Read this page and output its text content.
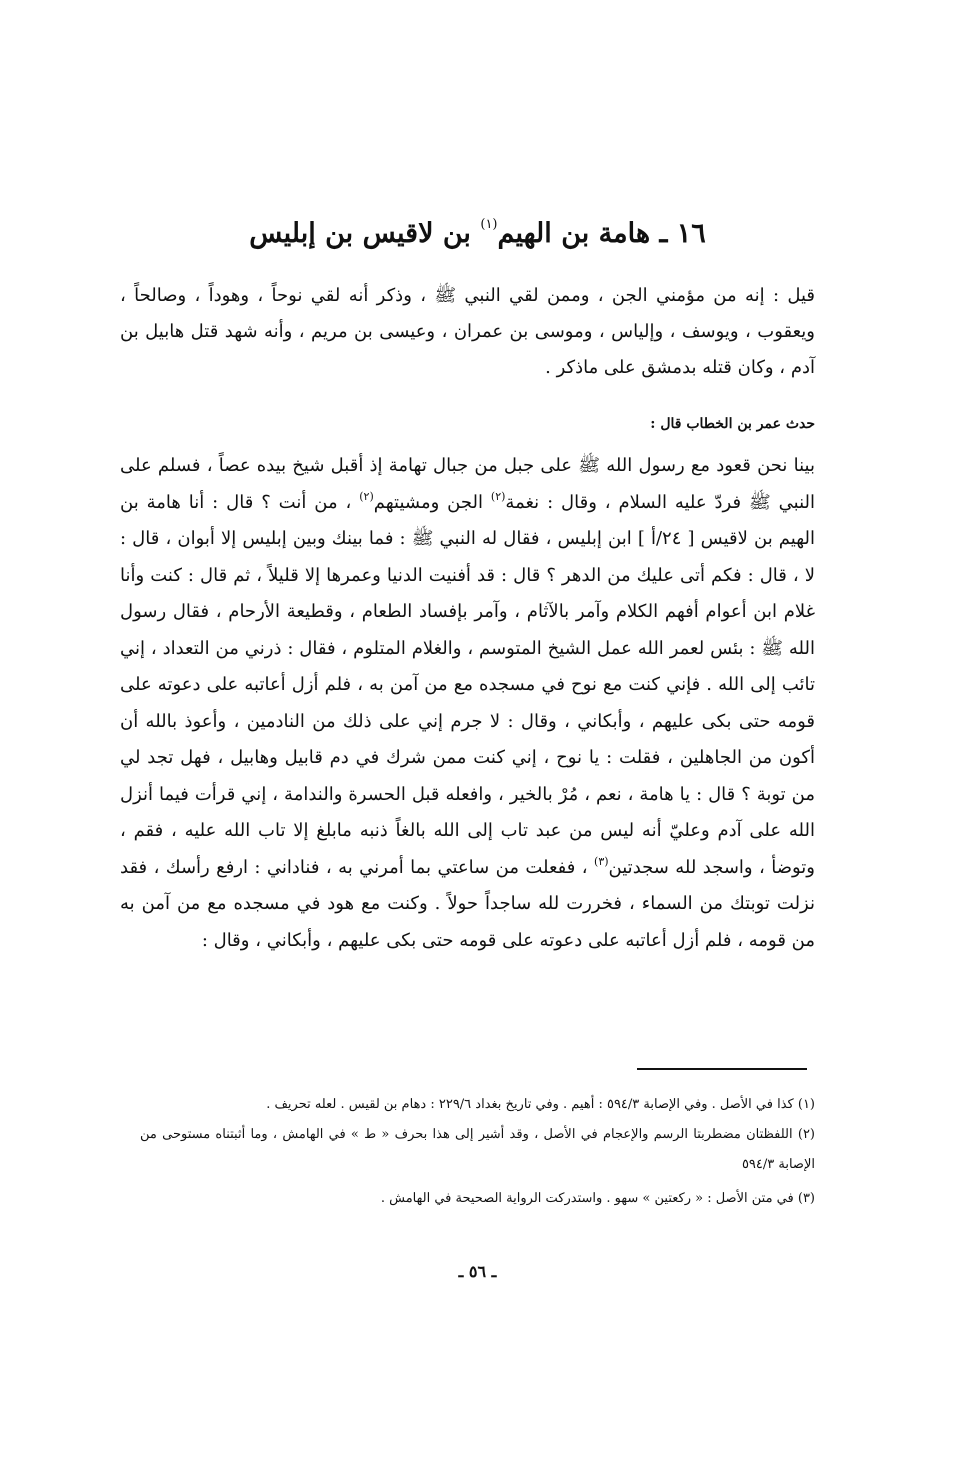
١٦ ـ هامة بن الهيم$^{(١)}$ بن لاقيس بن إبليس

قيل : إنه من مؤمني الجن ، وممن لقي النبي ﷺ ، وذكر أنه لقي نوحاً ، وهوداً ، وصالحاً ، ويعقوب ، ويوسف ، وإلياس ، وموسى بن عمران ، وعيسى بن مريم ، وأنه شهد قتل هابيل بن آدم ، وكان قتله بدمشق على ماذكر .

حدث عمر بن الخطاب قال :

بينا نحن قعود مع رسول الله ﷺ على جبل من جبال تهامة إذ أقبل شيخ بيده عصاً ، فسلم على النبي ﷺ فردّ عليه السلام ، وقال : نغمة$^{(٢)}$ الجن ومشيتهم$^{(٢)}$ ، من أنت ؟ قال : أنا هامة بن الهيم بن لاقيس [ ٢٤/أ ] ابن إبليس ، فقال له النبي ﷺ : فما بينك وبين إبليس إلا أبوان ، قال : لا ، قال : فكم أتى عليك من الدهر ؟ قال : قد أفنيت الدنيا وعمرها إلا قليلاً ، ثم قال : كنت وأنا غلام ابن أعوام أفهم الكلام وآمر بالآثام ، وآمر بإفساد الطعام ، وقطيعة الأرحام ، فقال رسول الله ﷺ : بئس لعمر الله عمل الشيخ المتوسم ، والغلام المتلوم ، فقال : ذرني من التعداد ، إني تائب إلى الله . فإني كنت مع نوح في مسجده مع من آمن به ، فلم أزل أعاتبه على دعوته على قومه حتى بكى عليهم ، وأبكاني ، وقال : لا جرم إني على ذلك من النادمين ، وأعوذ بالله أن أكون من الجاهلين ، فقلت : يا نوح ، إني كنت ممن شرك في دم قابيل وهابيل ، فهل تجد لي من توبة ؟ قال : يا هامة ، نعم ، مُرْ بالخير ، وافعله قبل الحسرة والندامة ، إني قرأت فيما أنزل الله على آدم وعليّ أنه ليس من عبد تاب إلى الله بالغاً ذنبه مابلغ إلا تاب الله عليه ، فقم ، وتوضأ ، واسجد لله سجدتين$^{(٣)}$ ، ففعلت من ساعتي بما أمرني به ، فناداني : ارفع رأسك ، فقد نزلت توبتك من السماء ، فخررت لله ساجداً حولاً . وكنت مع هود في مسجده مع من آمن به من قومه ، فلم أزل أعاتبه على دعوته على قومه حتى بكى عليهم ، وأبكاني ، وقال :

(١) كذا في الأصل . وفي الإصابة ٥٩٤/٣ : أهيم . وفي تاريخ بغداد ٢٢٩/٦ : دهام بن لقيس . لعله تحريف .

(٢) اللفظتان مضطربتا الرسم والإعجام في الأصل ، وقد أشير إلى هذا بحرف « ط » في الهامش ، وما أثبتناه مستوحى من الإصابة ٥٩٤/٣

(٣) في متن الأصل : « ركعتين » سهو . واستدركت الرواية الصحيحة في الهامش .

ـ ٥٦ ـ
